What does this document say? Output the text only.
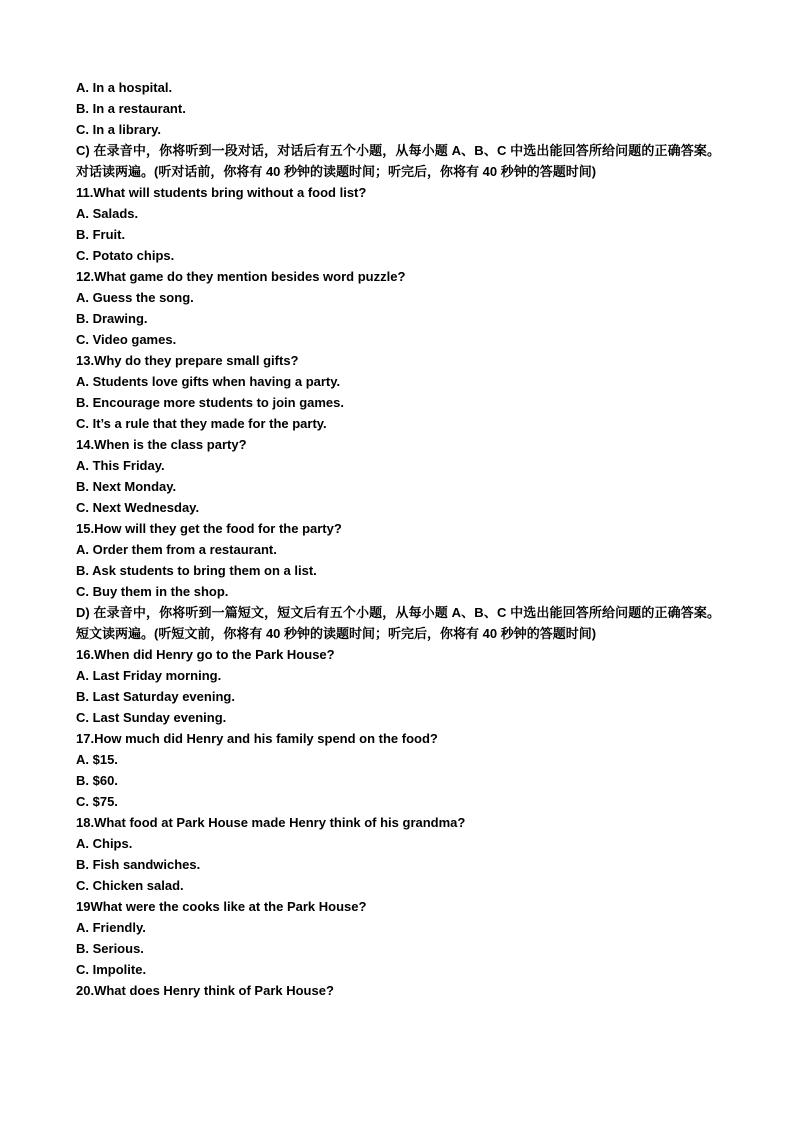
A. In a hospital.
B. In a restaurant.
C. In a library.
C) 在录音中，你将听到一段对话，对话后有五个小题，从每小题 A、B、C 中选出能回答所给问题的正确答案。对话读两遍。(听对话前，你将有 40 秒钟的读题时间；听完后，你将有 40 秒钟的答题时间)
11.What will students bring without a food list?
A. Salads.
B. Fruit.
C. Potato chips.
12.What game do they mention besides word puzzle?
A. Guess the song.
B. Drawing.
C. Video games.
13.Why do they prepare small gifts?
A. Students love gifts when having a party.
B. Encourage more students to join games.
C. It’s a rule that they made for the party.
14.When is the class party?
A. This Friday.
B. Next Monday.
C. Next Wednesday.
15.How will they get the food for the party?
A. Order them from a restaurant.
B. Ask students to bring them on a list.
C. Buy them in the shop.
D) 在录音中，你将听到一篇短文，短文后有五个小题，从每小题 A、B、C 中选出能回答所给问题的正确答案。短文读两遍。(听短文前，你将有 40 秒钟的读题时间；听完后，你将有 40 秒钟的答题时间)
16.When did Henry go to the Park House?
A. Last Friday morning.
B. Last Saturday evening.
C. Last Sunday evening.
17.How much did Henry and his family spend on the food?
A. $15.
B. $60.
C. $75.
18.What food at Park House made Henry think of his grandma?
A. Chips.
B. Fish sandwiches.
C. Chicken salad.
19What were the cooks like at the Park House?
A. Friendly.
B. Serious.
C. Impolite.
20.What does Henry think of Park House?
